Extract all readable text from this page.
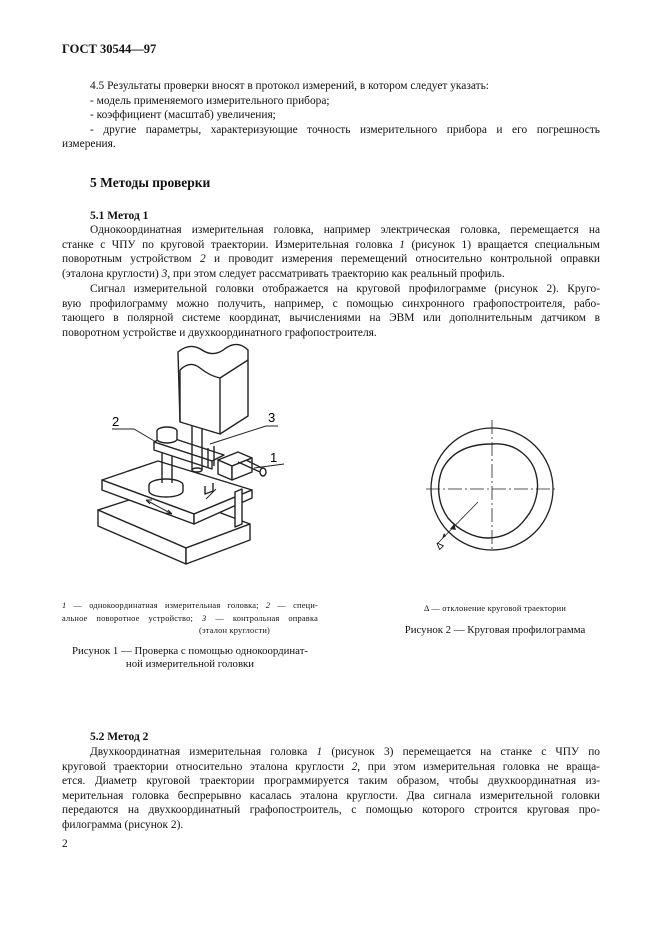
ГОСТ 30544—97
4.5 Результаты проверки вносят в протокол измерений, в котором следует указать:
- модель применяемого измерительного прибора;
- коэффициент (масштаб) увеличения;
- другие параметры, характеризующие точность измерительного прибора и его погрешность
измерения.
5 Методы проверки
5.1 Метод 1
Однокоординатная измерительная головка, например электрическая головка, перемещается на
станке с ЧПУ по круговой траектории. Измерительная головка 1 (рисунок 1) вращается специальным
поворотным устройством 2 и проводит измерения перемещений относительно контрольной оправки
(эталона круглости) 3, при этом следует рассматривать траекторию как реальный профиль.
Сигнал измерительной головки отображается на круговой профилограмме (рисунок 2). Круго-
вую профилограмму можно получить, например, с помощью синхронного графопостроителя, рабо-
тающего в полярной системе координат, вычислениями на ЭВМ или дополнительным датчиком в
поворотном устройстве и двухкоординатного графопостроителя.
2	3
1
Δ
1 — однокоординатная измерительная головка; 2 — специ-
альное поворотное устройство; 3 — контрольная оправка
(эталон круглости)
Рисунок 1 — Проверка с помощью однокоординат-
ной измерительной головки
Δ — отклонение круговой траектории
Рисунок 2 — Круговая профилограмма
5.2 Метод 2
Двухкоординатная измерительная головка 1 (рисунок 3) перемещается на станке с ЧПУ по
круговой траектории относительно эталона круглости 2, при этом измерительная головка не враща-
ется. Диаметр круговой траектории программируется таким образом, чтобы двухкоординатная из-
мерительная головка беспрерывно касалась эталона круглости. Два сигнала измерительной головки
передаются на двухкоординатный графопостроитель, с помощью которого строится круговая про-
филограмма (рисунок 2).
2
